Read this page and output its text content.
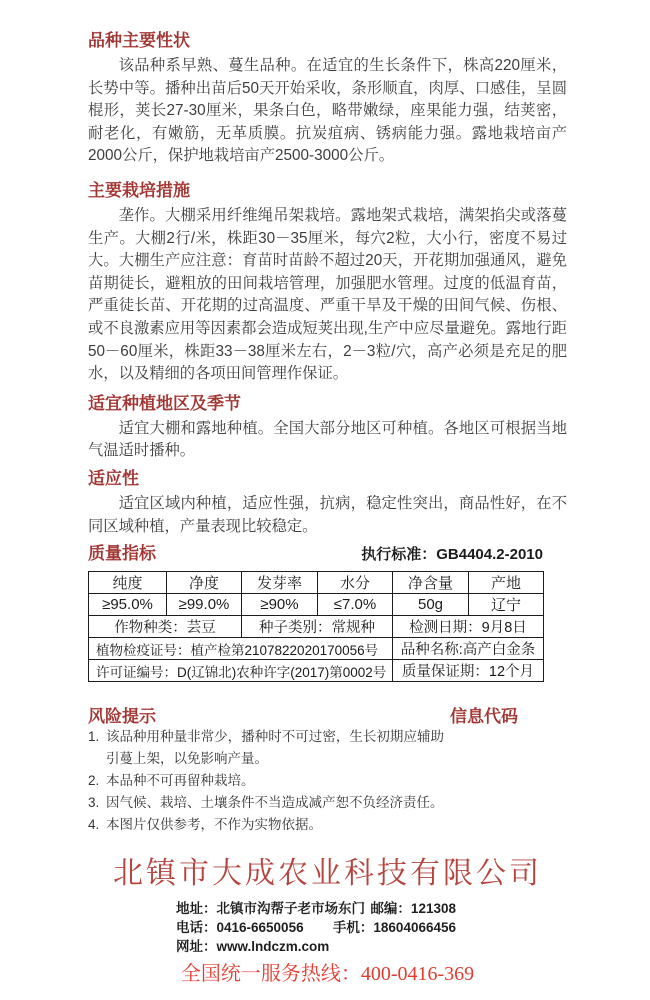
品种主要性状

该品种系早熟、蔓生品种。在适宜的生长条件下，株高220厘米，长势中等。播种出苗后50天开始采收，条形顺直，肉厚、口感佳，呈圆棍形，荚长27-30厘米，果条白色，略带嫩绿，座果能力强，结荚密，耐老化，有嫩筋，无革质膜。抗炭疽病、锈病能力强。露地栽培亩产2000公斤，保护地栽培亩产2500-3000公斤。

主要栽培措施

垄作。大棚采用纤维绳吊架栽培。露地架式栽培，满架掐尖或落蔓生产。大棚2行/米，株距30－35厘米，每穴2粒，大小行，密度不易过大。大棚生产应注意：育苗时苗龄不超过20天，开花期加强通风，避免苗期徒长，避粗放的田间栽培管理，加强肥水管理。过度的低温育苗，严重徒长苗、开花期的过高温度、严重干旱及干燥的田间气候、伤根、或不良激素应用等因素都会造成短荚出现,生产中应尽量避免。露地行距50－60厘米，株距33－38厘米左右，2－3粒/穴，高产必须是充足的肥水，以及精细的各项田间管理作保证。

适宜种植地区及季节

适宜大棚和露地种植。全国大部分地区可种植。各地区可根据当地气温适时播种。

适应性

适宜区域内种植，适应性强，抗病，稳定性突出，商品性好，在不同区域种植，产量表现比较稳定。

质量指标	执行标准：GB4404.2-2010
纯度	净度	发芽率	水分	净含量	产地
≥95.0%	≥99.0%	≥90%	≤7.0%	50g	辽宁
作物种类：芸豆		种子类别：常规种		检测日期：9月8日	
植物检疫证号：植产检第2107822020170056号				品种名称:高产白金条	
许可证编号：D(辽锦北)农种许字(2017)第0002号				质量保证期：12个月	
风险提示	信息代码
1. 该品种用种量非常少，播种时不可过密，生长初期应辅助引蔓上架，以免影响产量。
2. 本品种不可再留种栽培。
3. 因气候、栽培、土壤条件不当造成减产恕不负经济责任。
4. 本图片仅供参考，不作为实物依据。
北镇市大成农业科技有限公司
地址：北镇市沟帮子老市场东门 邮编：121308
电话：0416-6650056 手机：18604066456
网址：www.lndczm.com
全国统一服务热线：400-0416-369
